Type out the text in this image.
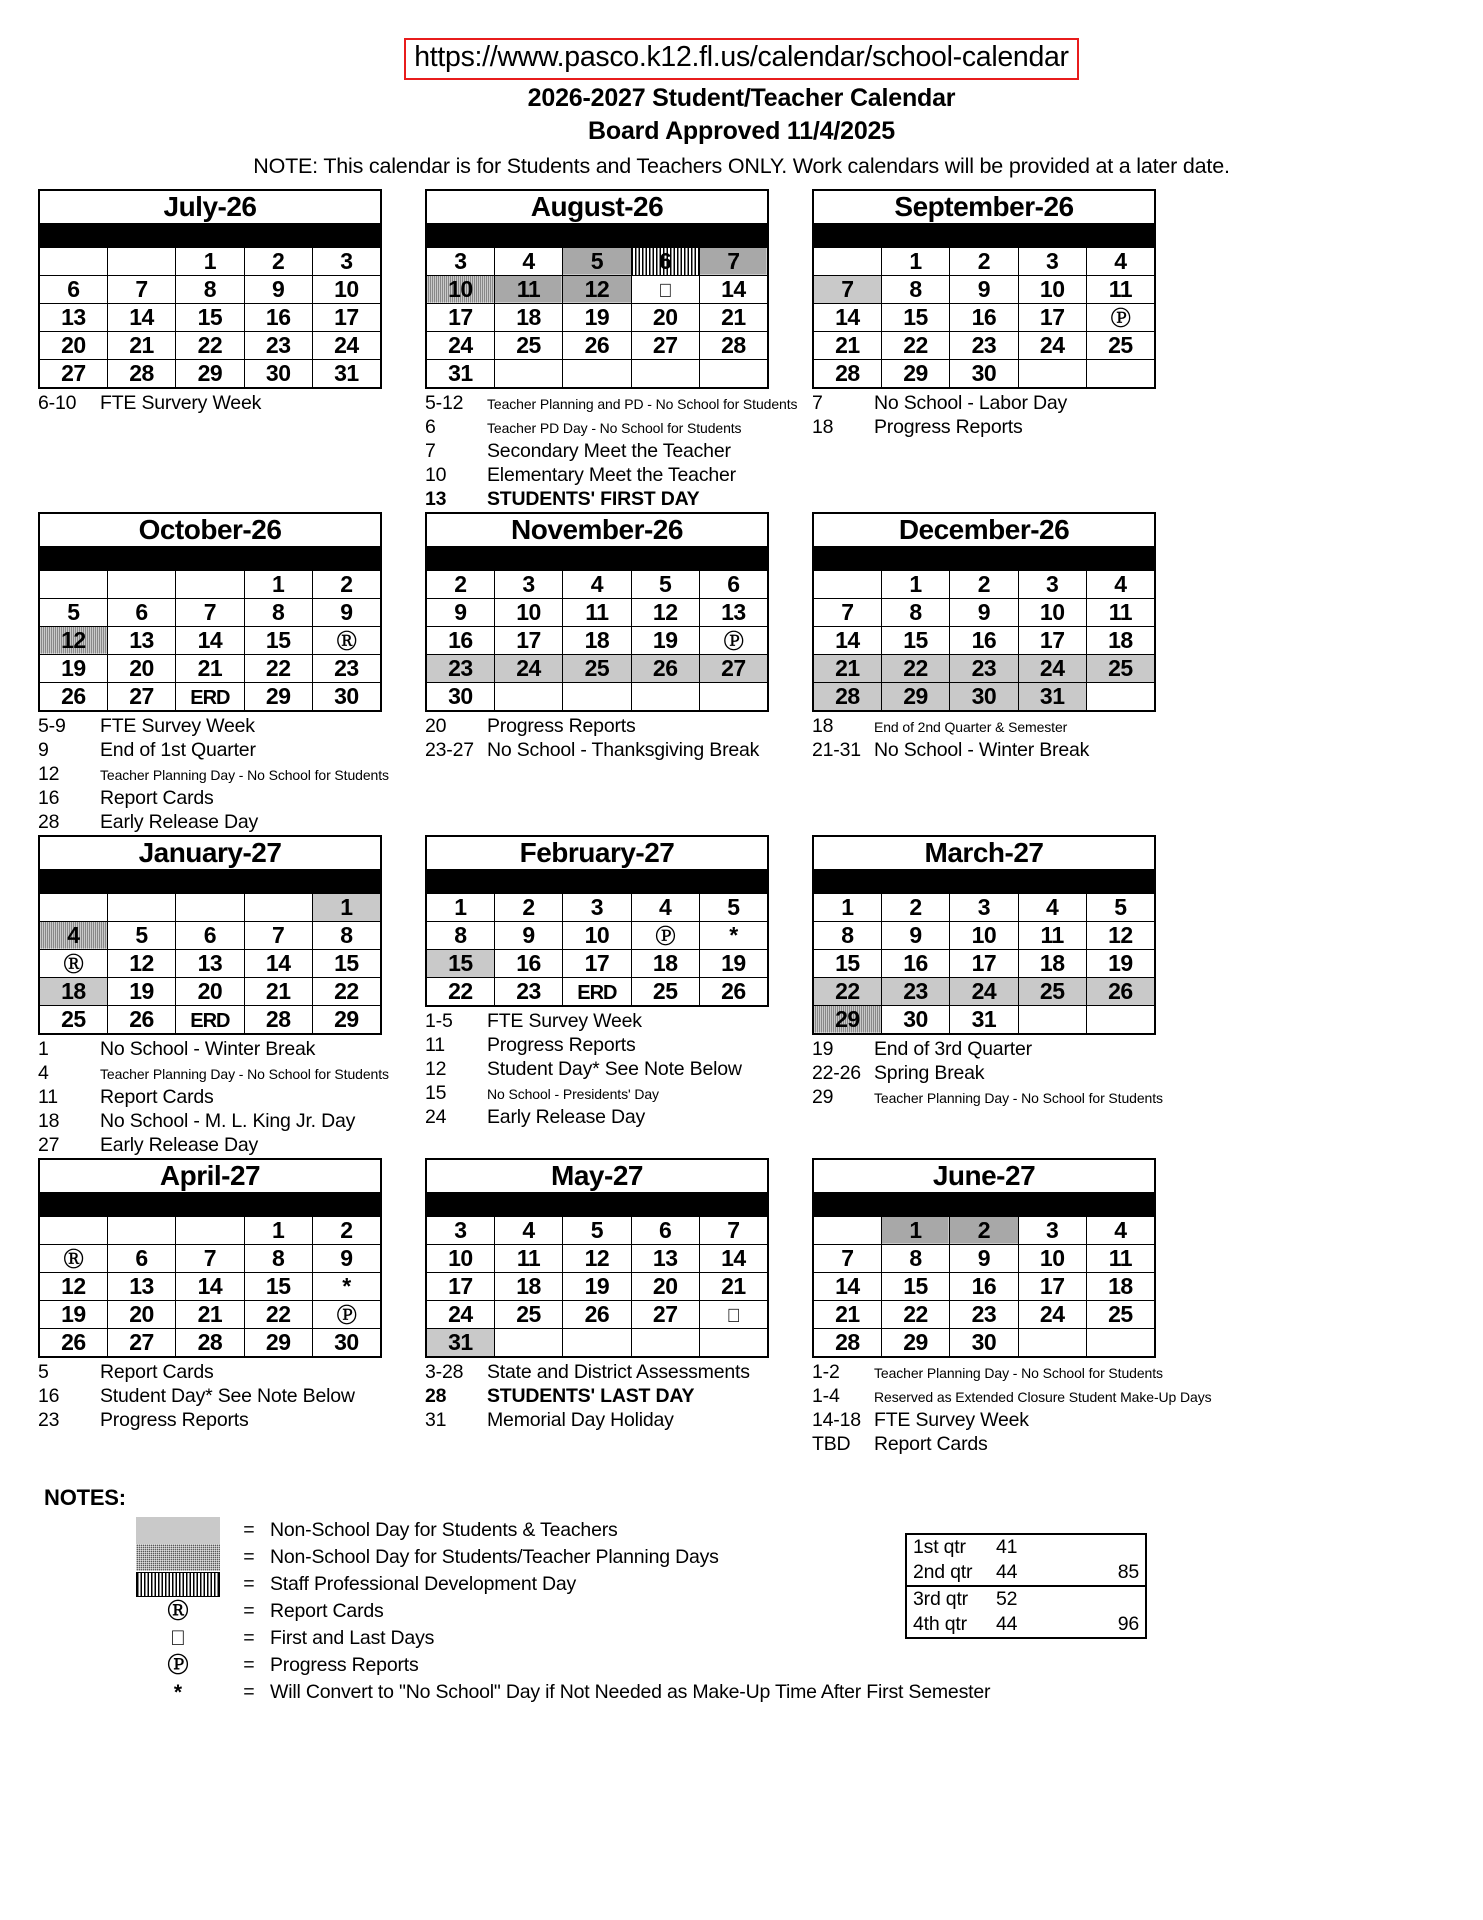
https://www.pasco.k12.fl.us/calendar/school-calendar
2026-2027 Student/Teacher Calendar
Board Approved 11/4/2025
NOTE: This calendar is for Students and Teachers ONLY. Work calendars will be provided at a later date.
July-26				

		1	2	3
6	7	8	9	10
13	14	15	16	17
20	21	22	23	24
27	28	29	30	31
6-10	FTE Survery Week
August-26				

3	4	5	6	7
10	11	12		14
17	18	19	20	21
24	25	26	27	28
31				
5-12	Teacher Planning and PD - No School for Students
6	Teacher PD Day - No School for Students
7	Secondary Meet the Teacher
10	Elementary Meet the Teacher
13	STUDENTS' FIRST DAY
September-26				

	1	2	3	4
7	8	9	10	11
14	15	16	17	Ⓟ
21	22	23	24	25
28	29	30		
7	No School - Labor Day
18	Progress Reports
October-26				

			1	2
5	6	7	8	9
12	13	14	15	Ⓡ
19	20	21	22	23
26	27	ERD	29	30
5-9	FTE Survey Week
9	End of 1st Quarter
12	Teacher Planning Day - No School for Students
16	Report Cards
28	Early Release Day
November-26				

2	3	4	5	6
9	10	11	12	13
16	17	18	19	Ⓟ
23	24	25	26	27
30				
20	Progress Reports
23-27 No School - Thanksgiving Break
December-26				

	1	2	3	4
7	8	9	10	11
14	15	16	17	18
21	22	23	24	25
28	29	30	31	
18	End of 2nd Quarter & Semester
21-31 No School - Winter Break
January-27				

				1
4	5	6	7	8
Ⓡ	12	13	14	15
18	19	20	21	22
25	26	ERD	28	29
1	No School - Winter Break
4	Teacher Planning Day - No School for Students
11	Report Cards
18	No School - M. L. King Jr. Day
27	Early Release Day
February-27				

1	2	3	4	5
8	9	10	Ⓟ	*
15	16	17	18	19
22	23	ERD	25	26
1-5	FTE Survey Week
11	Progress Reports
12	Student Day* See Note Below
15	No School - Presidents' Day
24	Early Release Day
March-27				

1	2	3	4	5
8	9	10	11	12
15	16	17	18	19
22	23	24	25	26
29	30	31		
19	End of 3rd Quarter
22-26 Spring Break
29	Teacher Planning Day - No School for Students
April-27				

			1	2
Ⓡ	6	7	8	9
12	13	14	15	*
19	20	21	22	Ⓟ
26	27	28	29	30
5	Report Cards
16	Student Day* See Note Below
23	Progress Reports
May-27				

3	4	5	6	7
10	11	12	13	14
17	18	19	20	21
24	25	26	27	
31				
3-28	State and District Assessments
28	STUDENTS' LAST DAY
31	Memorial Day Holiday
June-27				

	1	2	3	4
7	8	9	10	11
14	15	16	17	18
21	22	23	24	25
28	29	30		
1-2	Teacher Planning Day - No School for Students
1-4	Reserved as Extended Closure Student Make-Up Days
14-18 FTE Survey Week
TBD	Report Cards
NOTES:
= Non-School Day for Students & Teachers
= Non-School Day for Students/Teacher Planning Days
= Staff Professional Development Day
Ⓡ	= Report Cards
= First and Last Days
Ⓟ	= Progress Reports
*	= Will Convert to "No School" Day if Not Needed as Make-Up Time After First Semester
1st qtr	41	
2nd qtr	44	85
3rd qtr	52	
4th qtr	44	96
